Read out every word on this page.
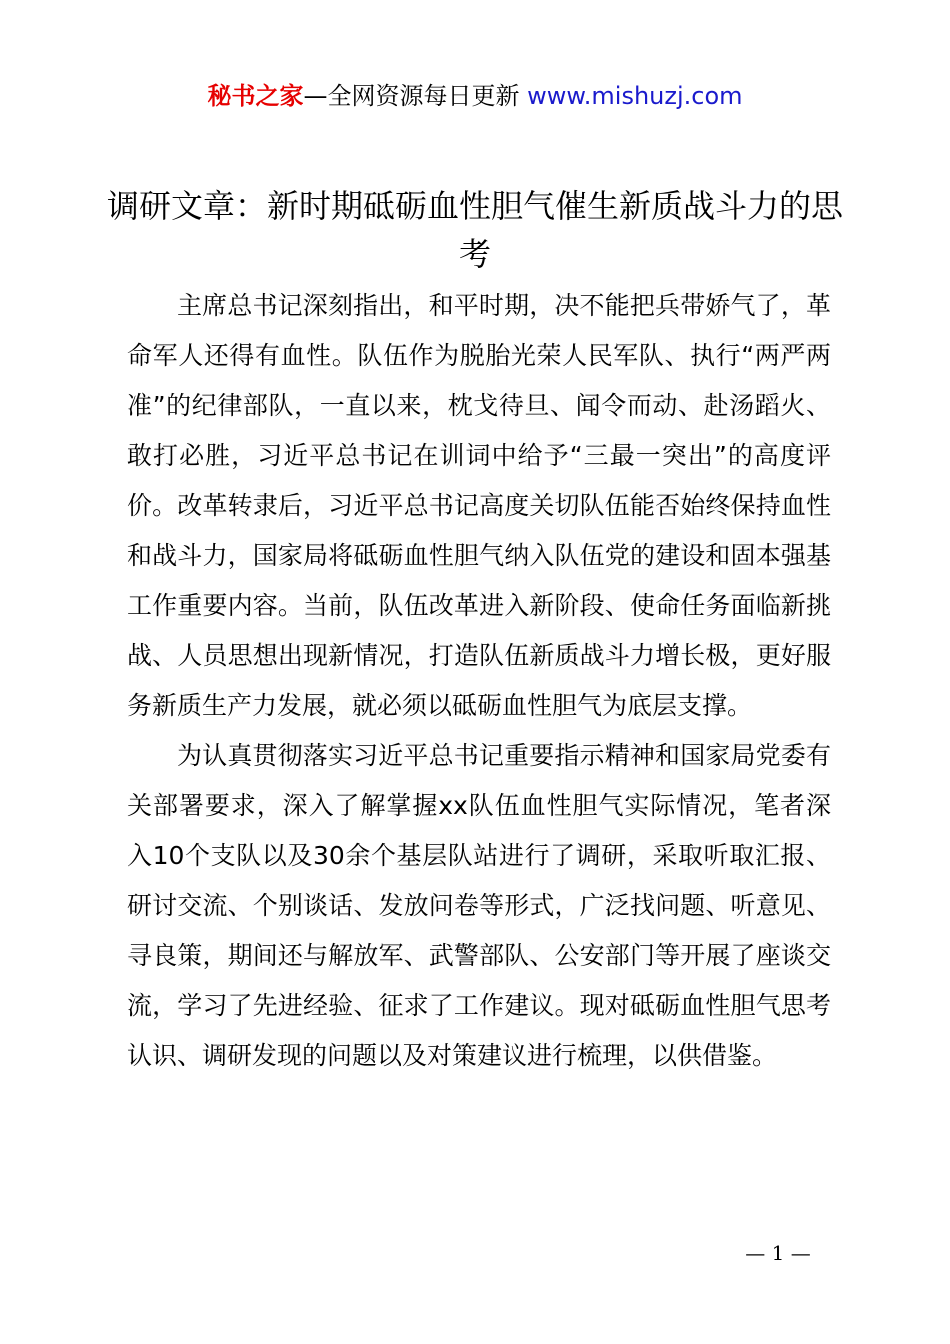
秘书之家—全网资源每日更新 www.mishuzj.com
调研文章：新时期砥砺血性胆气催生新质战斗力的思考

主席总书记深刻指出，和平时期，决不能把兵带娇气了，革命军人还得有血性。队伍作为脱胎光荣人民军队、执行“两严两准”的纪律部队，一直以来，枕戈待旦、闻令而动、赴汤蹈火、敢打必胜，习近平总书记在训词中给予“三最一突出”的高度评价。改革转隶后，习近平总书记高度关切队伍能否始终保持血性和战斗力，国家局将砥砺血性胆气纳入队伍党的建设和固本强基工作重要内容。当前，队伍改革进入新阶段、使命任务面临新挑战、人员思想出现新情况，打造队伍新质战斗力增长极，更好服务新质生产力发展，就必须以砥砺血性胆气为底层支撑。

为认真贯彻落实习近平总书记重要指示精神和国家局党委有关部署要求，深入了解掌握xx队伍血性胆气实际情况，笔者深入10个支队以及30余个基层队站进行了调研，采取听取汇报、研讨交流、个别谈话、发放问卷等形式，广泛找问题、听意见、寻良策，期间还与解放军、武警部队、公安部门等开展了座谈交流，学习了先进经验、征求了工作建议。现对砥砺血性胆气思考认识、调研发现的问题以及对策建议进行梳理，以供借鉴。

— 1 —
